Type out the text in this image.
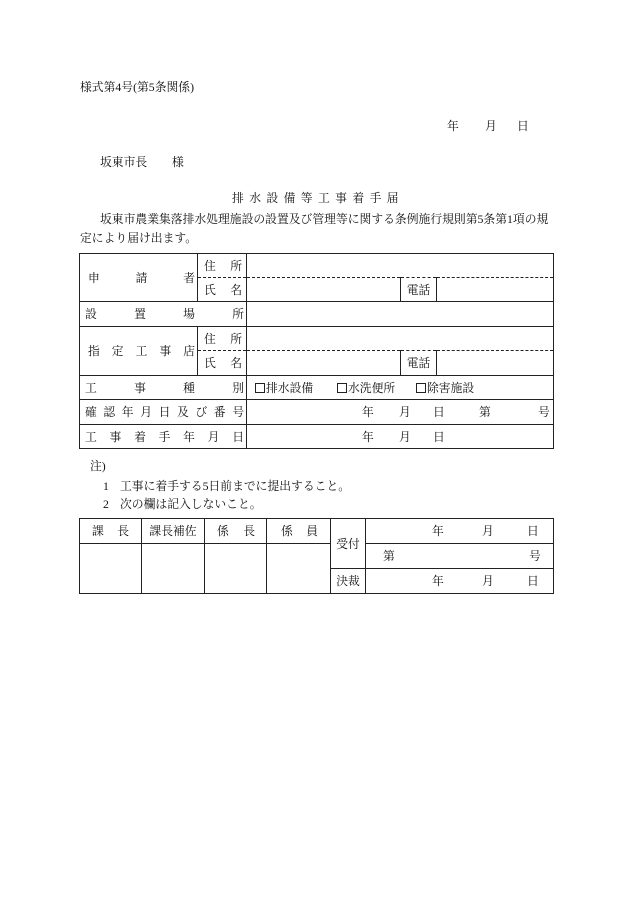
様式第4号(第5条関係)
年 月 日
坂東市長 様
排水設備等工事着手届
坂東市農業集落排水処理施設の設置及び管理等に関する条例施行規則第5条第1項の規
定により届け出ます。
申請者	住所			
	氏名		電話	
設置場所				
指定工事店	住所			
	氏名		電話	
工事種別		排水設備 水洗便所 除害施設		

確認年月日及び番号		年 月 日 第 号		

工事着手年月日		年 月 日		
注)
1 工事に着手する5日前までに提出すること。
2 次の欄は記入しないこと。
課長	課長補佐	係長	係員	受付	年 月 日

					第 号

				決裁	年 月 日
